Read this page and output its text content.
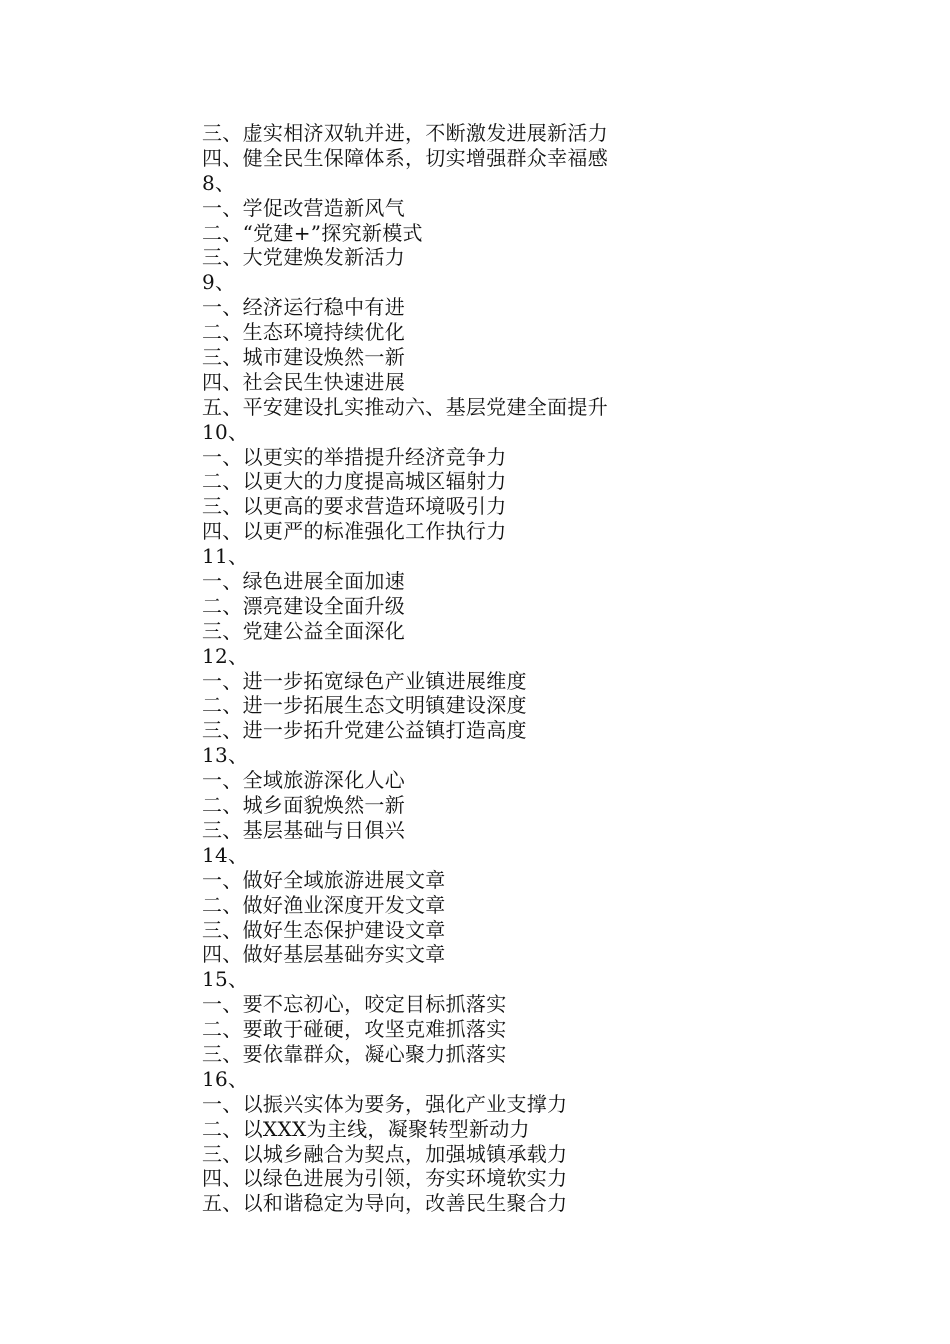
三、虚实相济双轨并进，不断激发进展新活力
四、健全民生保障体系，切实增强群众幸福感
8、
一、学促改营造新风气
二、“党建+”探究新模式
三、大党建焕发新活力
9、
一、经济运行稳中有进
二、生态环境持续优化
三、城市建设焕然一新
四、社会民生快速进展
五、平安建设扎实推动六、基层党建全面提升
10、
一、以更实的举措提升经济竞争力
二、以更大的力度提高城区辐射力
三、以更高的要求营造环境吸引力
四、以更严的标准强化工作执行力
11、
一、绿色进展全面加速
二、漂亮建设全面升级
三、党建公益全面深化
12、
一、进一步拓宽绿色产业镇进展维度
二、进一步拓展生态文明镇建设深度
三、进一步拓升党建公益镇打造高度
13、
一、全域旅游深化人心
二、城乡面貌焕然一新
三、基层基础与日俱兴
14、
一、做好全域旅游进展文章
二、做好渔业深度开发文章
三、做好生态保护建设文章
四、做好基层基础夯实文章
15、
一、要不忘初心，咬定目标抓落实
二、要敢于碰硬，攻坚克难抓落实
三、要依靠群众，凝心聚力抓落实
16、
一、以振兴实体为要务，强化产业支撑力
二、以XXX为主线，凝聚转型新动力
三、以城乡融合为契点，加强城镇承载力
四、以绿色进展为引领，夯实环境软实力
五、以和谐稳定为导向，改善民生聚合力
